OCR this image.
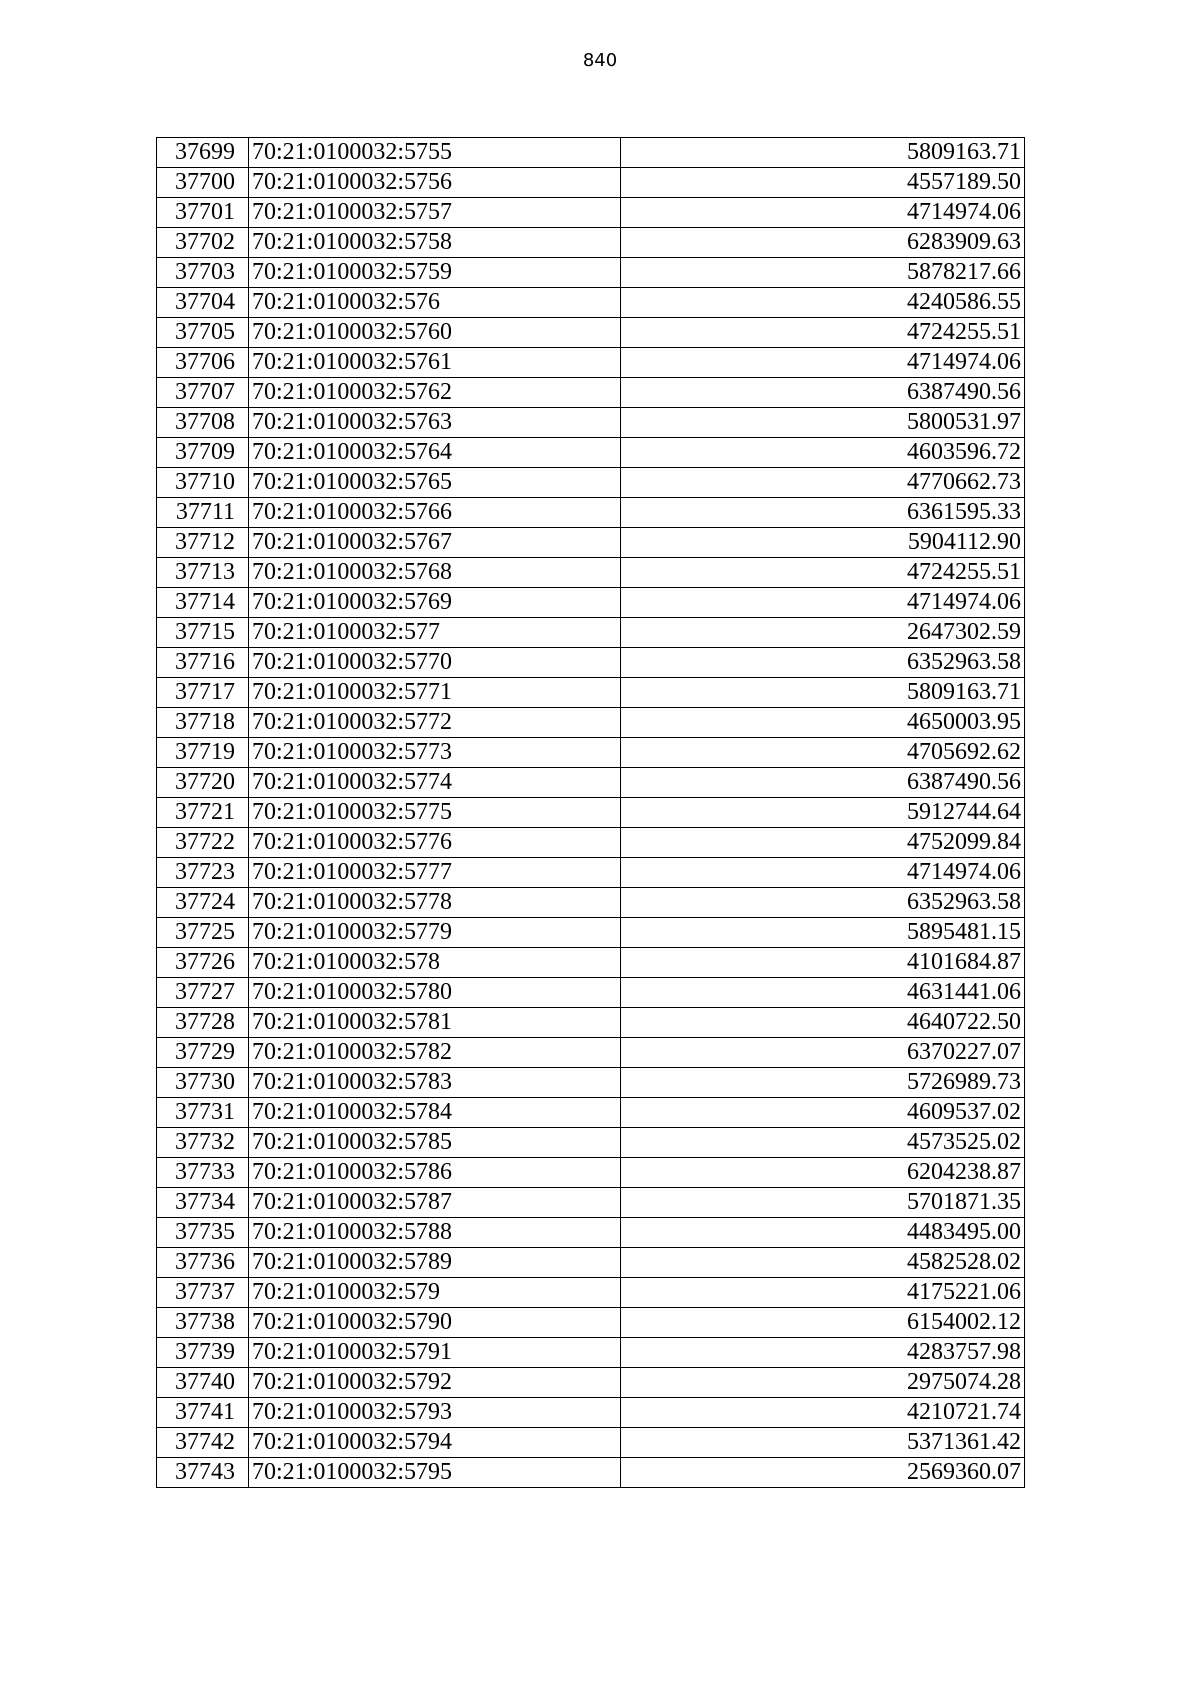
840
37699	70:21:0100032:5755	5809163.71
37700	70:21:0100032:5756	4557189.50
37701	70:21:0100032:5757	4714974.06
37702	70:21:0100032:5758	6283909.63
37703	70:21:0100032:5759	5878217.66
37704	70:21:0100032:576	4240586.55
37705	70:21:0100032:5760	4724255.51
37706	70:21:0100032:5761	4714974.06
37707	70:21:0100032:5762	6387490.56
37708	70:21:0100032:5763	5800531.97
37709	70:21:0100032:5764	4603596.72
37710	70:21:0100032:5765	4770662.73
37711	70:21:0100032:5766	6361595.33
37712	70:21:0100032:5767	5904112.90
37713	70:21:0100032:5768	4724255.51
37714	70:21:0100032:5769	4714974.06
37715	70:21:0100032:577	2647302.59
37716	70:21:0100032:5770	6352963.58
37717	70:21:0100032:5771	5809163.71
37718	70:21:0100032:5772	4650003.95
37719	70:21:0100032:5773	4705692.62
37720	70:21:0100032:5774	6387490.56
37721	70:21:0100032:5775	5912744.64
37722	70:21:0100032:5776	4752099.84
37723	70:21:0100032:5777	4714974.06
37724	70:21:0100032:5778	6352963.58
37725	70:21:0100032:5779	5895481.15
37726	70:21:0100032:578	4101684.87
37727	70:21:0100032:5780	4631441.06
37728	70:21:0100032:5781	4640722.50
37729	70:21:0100032:5782	6370227.07
37730	70:21:0100032:5783	5726989.73
37731	70:21:0100032:5784	4609537.02
37732	70:21:0100032:5785	4573525.02
37733	70:21:0100032:5786	6204238.87
37734	70:21:0100032:5787	5701871.35
37735	70:21:0100032:5788	4483495.00
37736	70:21:0100032:5789	4582528.02
37737	70:21:0100032:579	4175221.06
37738	70:21:0100032:5790	6154002.12
37739	70:21:0100032:5791	4283757.98
37740	70:21:0100032:5792	2975074.28
37741	70:21:0100032:5793	4210721.74
37742	70:21:0100032:5794	5371361.42
37743	70:21:0100032:5795	2569360.07
